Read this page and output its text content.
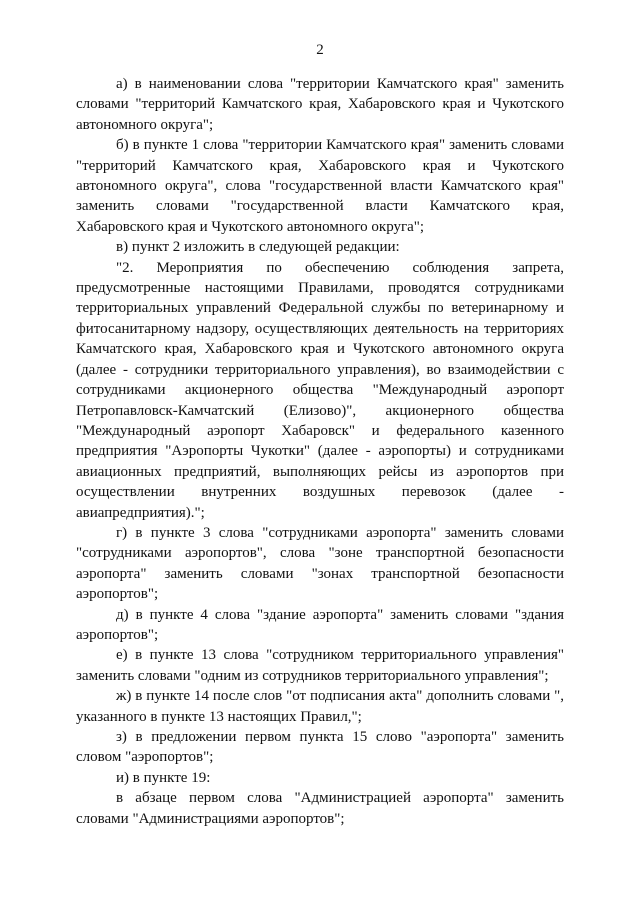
2

а) в наименовании слова "территории Камчатского края" заменить словами "территорий Камчатского края, Хабаровского края и Чукотского автономного округа";

б) в пункте 1 слова "территории Камчатского края" заменить словами "территорий Камчатского края, Хабаровского края и Чукотского автономного округа", слова "государственной власти Камчатского края" заменить словами "государственной власти Камчатского края, Хабаровского края и Чукотского автономного округа";

в) пункт 2 изложить в следующей редакции:

"2. Мероприятия по обеспечению соблюдения запрета, предусмотренные настоящими Правилами, проводятся сотрудниками территориальных управлений Федеральной службы по ветеринарному и фитосанитарному надзору, осуществляющих деятельность на территориях Камчатского края, Хабаровского края и Чукотского автономного округа (далее - сотрудники территориального управления), во взаимодействии с сотрудниками акционерного общества "Международный аэропорт Петропавловск-Камчатский (Елизово)", акционерного общества "Международный аэропорт Хабаровск" и федерального казенного предприятия "Аэропорты Чукотки" (далее - аэропорты) и сотрудниками авиационных предприятий, выполняющих рейсы из аэропортов при осуществлении внутренних воздушных перевозок (далее - авиапредприятия).";

г) в пункте 3 слова "сотрудниками аэропорта" заменить словами "сотрудниками аэропортов", слова "зоне транспортной безопасности аэропорта" заменить словами "зонах транспортной безопасности аэропортов";

д) в пункте 4 слова "здание аэропорта" заменить словами "здания аэропортов";

е) в пункте 13 слова "сотрудником территориального управления" заменить словами "одним из сотрудников территориального управления";

ж) в пункте 14 после слов "от подписания акта" дополнить словами ", указанного в пункте 13 настоящих Правил,";

з) в предложении первом пункта 15 слово "аэропорта" заменить словом "аэропортов";

и) в пункте 19:

в абзаце первом слова "Администрацией аэропорта" заменить словами "Администрациями аэропортов";
